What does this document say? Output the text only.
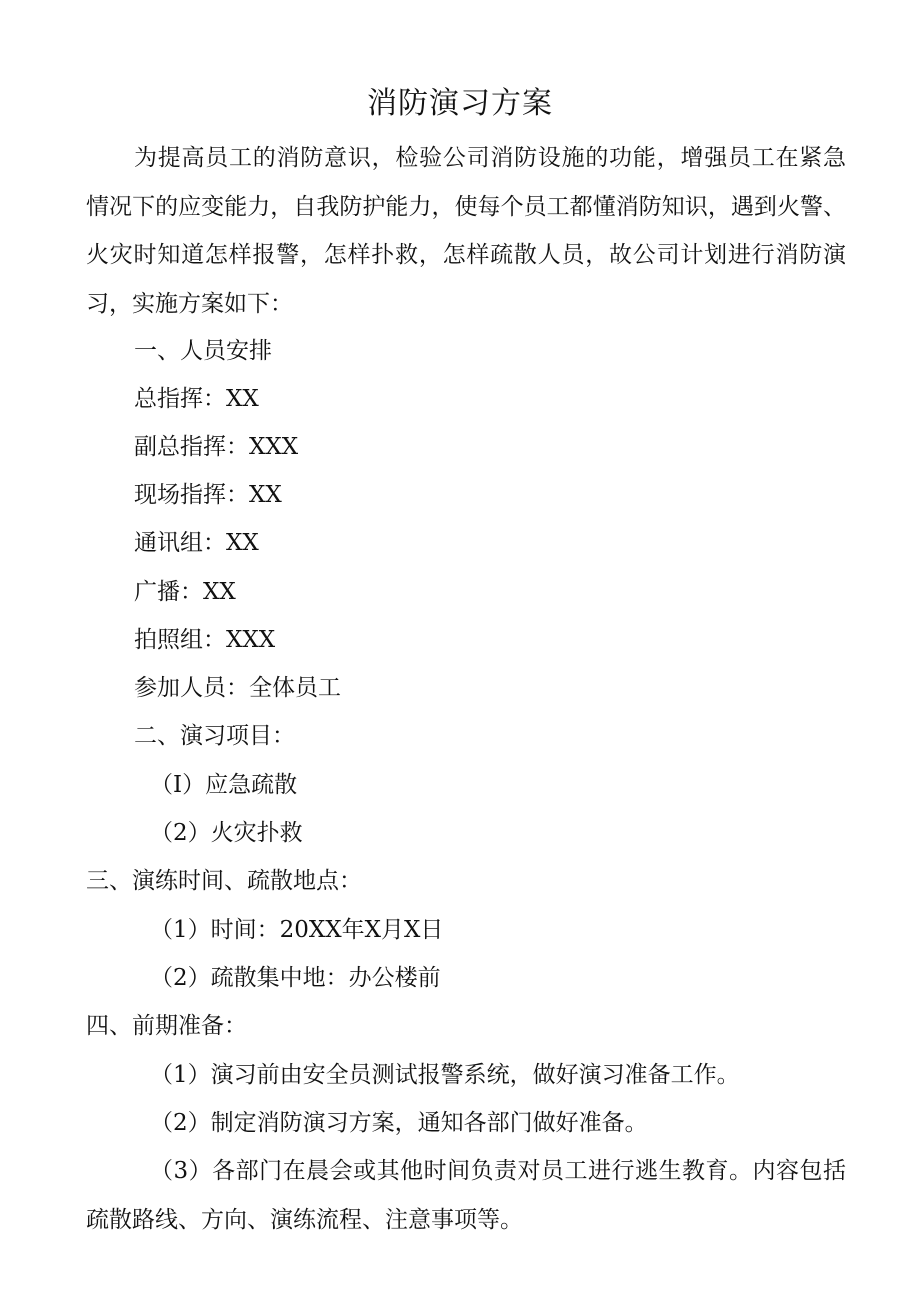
消防演习方案

为提高员工的消防意识，检验公司消防设施的功能，增强员工在紧急情况下的应变能力，自我防护能力，使每个员工都懂消防知识，遇到火警、火灾时知道怎样报警，怎样扑救，怎样疏散人员，故公司计划进行消防演习，实施方案如下：

一、人员安排
总指挥：XX
副总指挥：XXX
现场指挥：XX
通讯组：XX
广播：XX
拍照组：XXX
参加人员：全体员工
二、演习项目：
（I）应急疏散
（2）火灾扑救
三、演练时间、疏散地点：
（1）时间：20XX年X月X日
（2）疏散集中地：办公楼前
四、前期准备：
（1）演习前由安全员测试报警系统，做好演习准备工作。
（2）制定消防演习方案，通知各部门做好准备。

（3）各部门在晨会或其他时间负责对员工进行逃生教育。内容包括疏散路线、方向、演练流程、注意事项等。
